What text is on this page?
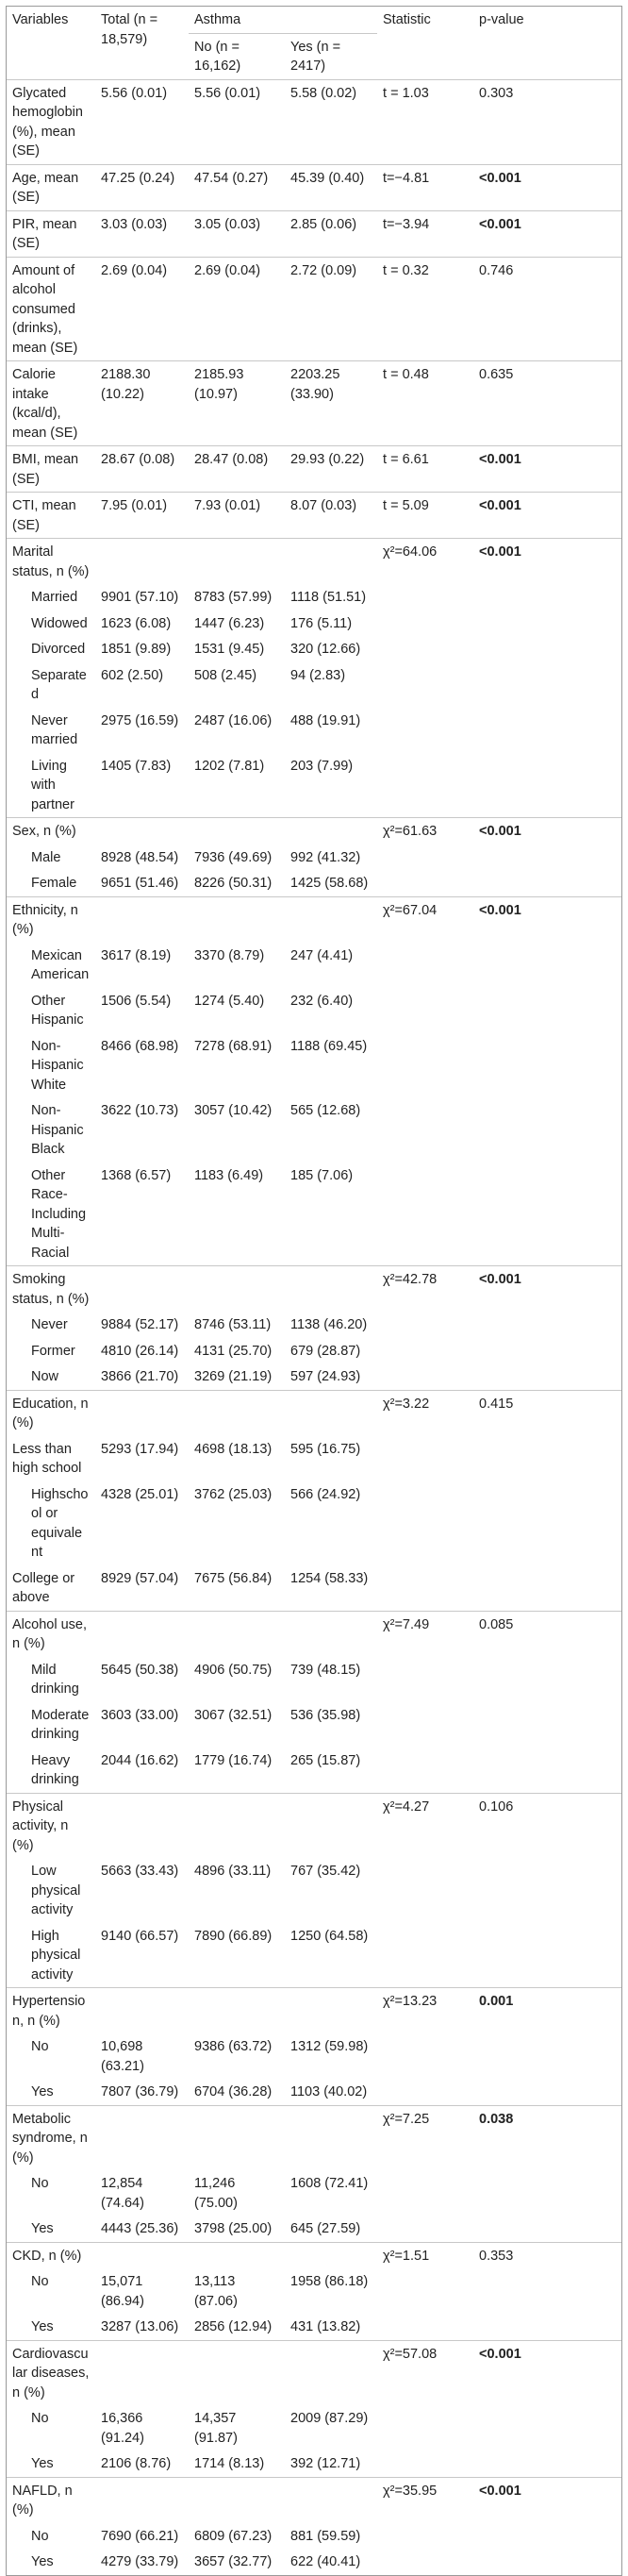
Variables	Total (n = 18,579)	Asthma		Statistic	p-value
		No (n = 16,162)	Yes (n = 2417)		
Glycated hemoglobin (%), mean (SE)	5.56 (0.01)	5.56 (0.01)	5.58 (0.02)	t = 1.03	0.303
Age, mean (SE)	47.25 (0.24)	47.54 (0.27)	45.39 (0.40)	t=−4.81	<0.001
PIR, mean (SE)	3.03 (0.03)	3.05 (0.03)	2.85 (0.06)	t=−3.94	<0.001
Amount of alcohol consumed (drinks), mean (SE)	2.69 (0.04)	2.69 (0.04)	2.72 (0.09)	t = 0.32	0.746
Calorie intake (kcal/d), mean (SE)	2188.30 (10.22)	2185.93 (10.97)	2203.25 (33.90)	t = 0.48	0.635
BMI, mean (SE)	28.67 (0.08)	28.47 (0.08)	29.93 (0.22)	t = 6.61	<0.001
CTI, mean (SE)	7.95 (0.01)	7.93 (0.01)	8.07 (0.03)	t = 5.09	<0.001
Marital status, n (%)				χ²=64.06	<0.001
Married	9901 (57.10)	8783 (57.99)	1118 (51.51)		
Widowed	1623 (6.08)	1447 (6.23)	176 (5.11)		
Divorced	1851 (9.89)	1531 (9.45)	320 (12.66)		
Separated	602 (2.50)	508 (2.45)	94 (2.83)		
Never married	2975 (16.59)	2487 (16.06)	488 (19.91)		
Living with partner	1405 (7.83)	1202 (7.81)	203 (7.99)		
Sex, n (%)				χ²=61.63	<0.001
Male	8928 (48.54)	7936 (49.69)	992 (41.32)		
Female	9651 (51.46)	8226 (50.31)	1425 (58.68)		
Ethnicity, n (%)				χ²=67.04	<0.001
Mexican American	3617 (8.19)	3370 (8.79)	247 (4.41)		
Other Hispanic	1506 (5.54)	1274 (5.40)	232 (6.40)		
Non-Hispanic White	8466 (68.98)	7278 (68.91)	1188 (69.45)		
Non-Hispanic Black	3622 (10.73)	3057 (10.42)	565 (12.68)		
Other Race-Including Multi-Racial	1368 (6.57)	1183 (6.49)	185 (7.06)		
Smoking status, n (%)				χ²=42.78	<0.001
Never	9884 (52.17)	8746 (53.11)	1138 (46.20)		
Former	4810 (26.14)	4131 (25.70)	679 (28.87)		
Now	3866 (21.70)	3269 (21.19)	597 (24.93)		
Education, n (%)				χ²=3.22	0.415
Less than high school	5293 (17.94)	4698 (18.13)	595 (16.75)		
Highschool or equivalent	4328 (25.01)	3762 (25.03)	566 (24.92)		
College or above	8929 (57.04)	7675 (56.84)	1254 (58.33)		
Alcohol use, n (%)				χ²=7.49	0.085
Mild drinking	5645 (50.38)	4906 (50.75)	739 (48.15)		
Moderate drinking	3603 (33.00)	3067 (32.51)	536 (35.98)		
Heavy drinking	2044 (16.62)	1779 (16.74)	265 (15.87)		
Physical activity, n (%)				χ²=4.27	0.106
Low physical activity	5663 (33.43)	4896 (33.11)	767 (35.42)		
High physical activity	9140 (66.57)	7890 (66.89)	1250 (64.58)		
Hypertension, n (%)				χ²=13.23	0.001
No	10,698 (63.21)	9386 (63.72)	1312 (59.98)		
Yes	7807 (36.79)	6704 (36.28)	1103 (40.02)		
Metabolic syndrome, n (%)				χ²=7.25	0.038
No	12,854 (74.64)	11,246 (75.00)	1608 (72.41)		
Yes	4443 (25.36)	3798 (25.00)	645 (27.59)		
CKD, n (%)				χ²=1.51	0.353
No	15,071 (86.94)	13,113 (87.06)	1958 (86.18)		
Yes	3287 (13.06)	2856 (12.94)	431 (13.82)		
Cardiovascular diseases, n (%)				χ²=57.08	<0.001
No	16,366 (91.24)	14,357 (91.87)	2009 (87.29)		
Yes	2106 (8.76)	1714 (8.13)	392 (12.71)		
NAFLD, n (%)				χ²=35.95	<0.001
No	7690 (66.21)	6809 (67.23)	881 (59.59)		
Yes	4279 (33.79)	3657 (32.77)	622 (40.41)		
